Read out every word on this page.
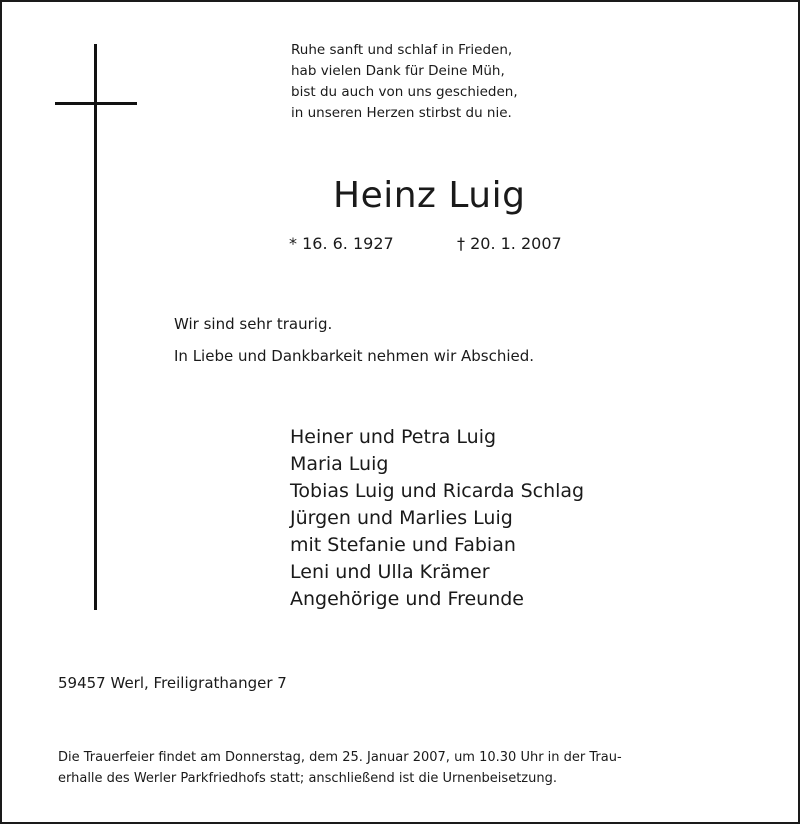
Ruhe sanft und schlaf in Frieden,
hab vielen Dank für Deine Müh,
bist du auch von uns geschieden,
in unseren Herzen stirbst du nie.
Heinz Luig
* 16. 6. 1927	† 20. 1. 2007
Wir sind sehr traurig.
In Liebe und Dankbarkeit nehmen wir Abschied.
Heiner und Petra Luig
Maria Luig
Tobias Luig und Ricarda Schlag
Jürgen und Marlies Luig
mit Stefanie und Fabian
Leni und Ulla Krämer
Angehörige und Freunde
59457 Werl, Freiligrathanger 7
Die Trauerfeier findet am Donnerstag, dem 25. Januar 2007, um 10.30 Uhr in der Trau-
erhalle des Werler Parkfriedhofs statt; anschließend ist die Urnenbeisetzung.
